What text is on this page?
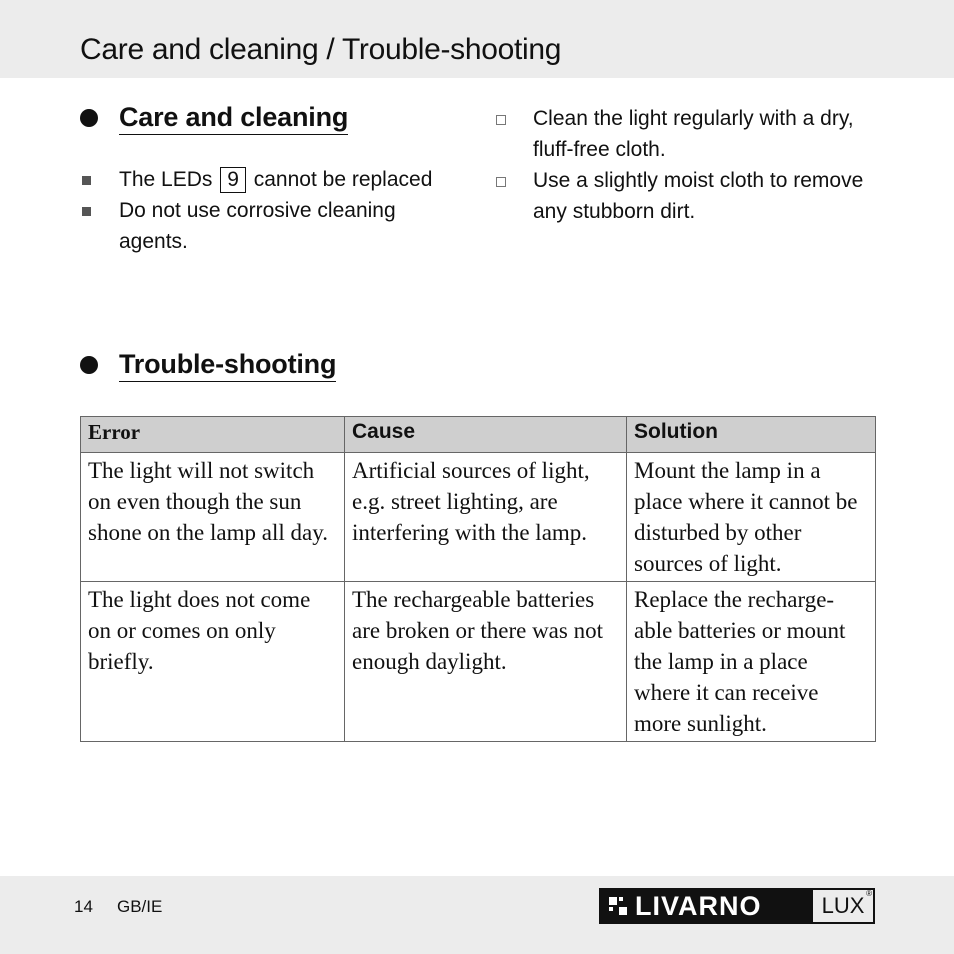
Care and cleaning / Trouble-shooting
Care and cleaning
The LEDs 9 cannot be replaced
Do not use corrosive cleaning agents.
Clean the light regularly with a dry, fluff-free cloth.
Use a slightly moist cloth to remove any stubborn dirt.
Trouble-shooting
Error	Cause	Solution
The light will not switch on even though the sun shone on the lamp all day.	Artificial sources of light, e.g. street lighting, are interfering with the lamp.	Mount the lamp in a place where it cannot be disturbed by other sources of light.
The light does not come on or comes on only briefly.	The rechargeable batteries are broken or there was not enough daylight.	Replace the recharge-able batteries or mount the lamp in a place where it can receive more sunlight.
14 GB/IE	LIVARNO	LUX ®
